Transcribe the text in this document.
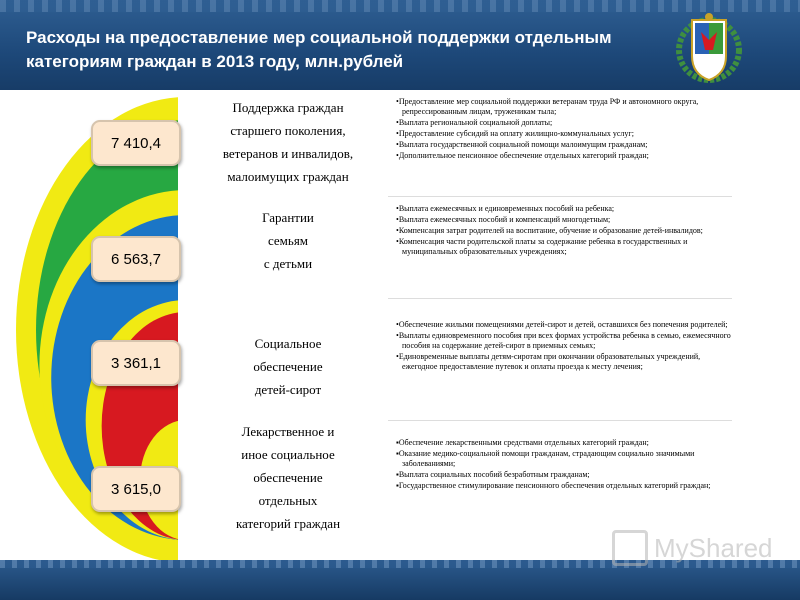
Расходы на предоставление мер социальной поддержки отдельным
категориям граждан в 2013 году, млн.рублей
7 410,4
6 563,7
3 361,1
3 615,0
Поддержка граждан
старшего поколения,
ветеранов и инвалидов,
малоимущих граждан
Гарантии
семьям
с детьми
Социальное
обеспечение
детей-сирот
Лекарственное и
иное социальное
обеспечение
отдельных
категорий граждан
•Предоставление мер социальной поддержки ветеранам труда РФ и автономного округа, репрессированным лицам, труженикам тыла;
•Выплата региональной социальной доплаты;
•Предоставление субсидий на оплату жилищно-коммунальных услуг;
•Выплата государственной социальной помощи малоимущим гражданам;
•Дополнительное пенсионное обеспечение отдельных категорий граждан;
•Выплата ежемесячных и единовременных пособий на ребенка;
•Выплата ежемесячных пособий и компенсаций многодетным;
•Компенсация затрат родителей на воспитание, обучение и образование детей-инвалидов;
•Компенсация части родительской платы за содержание ребенка в государственных и муниципальных образовательных учреждениях;
•Обеспечение жилыми помещениями детей-сирот и детей, оставшихся без попечения родителей;
•Выплаты единовременного пособия при всех формах устройства ребенка в семью, ежемесячного пособия на содержание детей-сирот в приемных семьях;
•Единовременные выплаты детям-сиротам при окончании образовательных учреждений, ежегодное предоставление путевок и оплаты проезда к месту лечения;
▪Обеспечение лекарственными средствами отдельных категорий граждан;
▪Оказание медико-социальной помощи гражданам, страдающим социально значимыми заболеваниями;
▪Выплата социальных пособий безработным гражданам;
▪Государственное стимулирование пенсионного обеспечения отдельных категорий граждан;
MyShared
